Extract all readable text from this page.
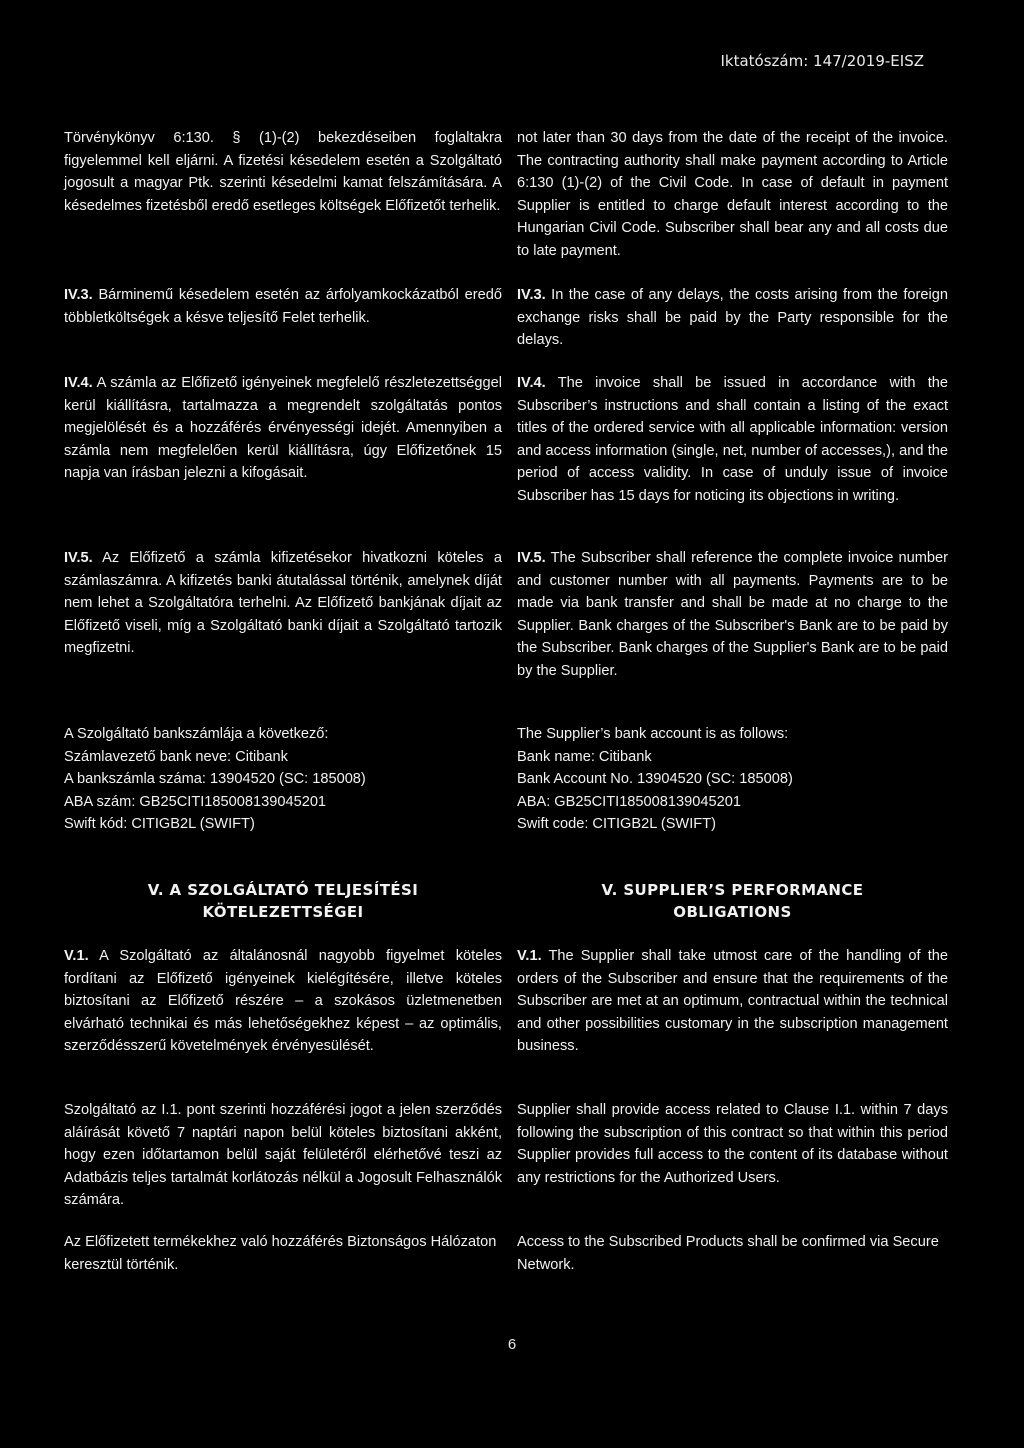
Iktatószám: 147/2019-EISZ

Törvénykönyv 6:130. § (1)-(2) bekezdéseiben foglaltakra figyelemmel kell eljárni. A fizetési késedelem esetén a Szolgáltató jogosult a magyar Ptk. szerinti késedelmi kamat felszámítására. A késedelmes fizetésből eredő esetleges költségek Előfizetőt terhelik.

IV.3. Bárminemű késedelem esetén az árfolyamkockázatból eredő többletköltségek a késve teljesítő Felet terhelik.

IV.4. A számla az Előfizető igényeinek megfelelő részletezettséggel kerül kiállításra, tartalmazza a megrendelt szolgáltatás pontos megjelölését és a hozzáférés érvényességi idejét. Amennyiben a számla nem megfelelően kerül kiállításra, úgy Előfizetőnek 15 napja van írásban jelezni a kifogásait.

IV.5. Az Előfizető a számla kifizetésekor hivatkozni köteles a számlaszámra. A kifizetés banki átutalással történik, amelynek díját nem lehet a Szolgáltatóra terhelni. Az Előfizető bankjának díjait az Előfizető viseli, míg a Szolgáltató banki díjait a Szolgáltató tartozik megfizetni.

A Szolgáltató bankszámlája a következő:
Számlavezető bank neve: Citibank
A bankszámla száma: 13904520 (SC: 185008)
ABA szám: GB25CITI185008139045201
Swift kód: CITIGB2L (SWIFT)
V. A SZOLGÁLTATÓ TELJESÍTÉSI
KÖTELEZETTSÉGEI

V.1. A Szolgáltató az általánosnál nagyobb figyelmet köteles fordítani az Előfizető igényeinek kielégítésére, illetve köteles biztosítani az Előfizető részére – a szokásos üzletmenetben elvárható technikai és más lehetőségekhez képest – az optimális, szerződésszerű követelmények érvényesülését.

Szolgáltató az I.1. pont szerinti hozzáférési jogot a jelen szerződés aláírását követő 7 naptári napon belül köteles biztosítani akként, hogy ezen időtartamon belül saját felületéről elérhetővé teszi az Adatbázis teljes tartalmát korlátozás nélkül a Jogosult Felhasználók számára.

Az Előfizetett termékekhez való hozzáférés Biztonságos Hálózaton keresztül történik.

not later than 30 days from the date of the receipt of the invoice. The contracting authority shall make payment according to Article 6:130 (1)-(2) of the Civil Code. In case of default in payment Supplier is entitled to charge default interest according to the Hungarian Civil Code. Subscriber shall bear any and all costs due to late payment.

IV.3. In the case of any delays, the costs arising from the foreign exchange risks shall be paid by the Party responsible for the delays.

IV.4. The invoice shall be issued in accordance with the Subscriber’s instructions and shall contain a listing of the exact titles of the ordered service with all applicable information: version and access information (single, net, number of accesses,), and the period of access validity. In case of unduly issue of invoice Subscriber has 15 days for noticing its objections in writing.

IV.5. The Subscriber shall reference the complete invoice number and customer number with all payments. Payments are to be made via bank transfer and shall be made at no charge to the Supplier. Bank charges of the Subscriber's Bank are to be paid by the Subscriber. Bank charges of the Supplier's Bank are to be paid by the Supplier.

The Supplier’s bank account is as follows:
Bank name: Citibank
Bank Account No. 13904520 (SC: 185008)
ABA: GB25CITI185008139045201
Swift code: CITIGB2L (SWIFT)
V. SUPPLIER’S PERFORMANCE
OBLIGATIONS

V.1. The Supplier shall take utmost care of the handling of the orders of the Subscriber and ensure that the requirements of the Subscriber are met at an optimum, contractual within the technical and other possibilities customary in the subscription management business.

Supplier shall provide access related to Clause I.1. within 7 days following the subscription of this contract so that within this period Supplier provides full access to the content of its database without any restrictions for the Authorized Users.

Access to the Subscribed Products shall be confirmed via Secure Network.

6
